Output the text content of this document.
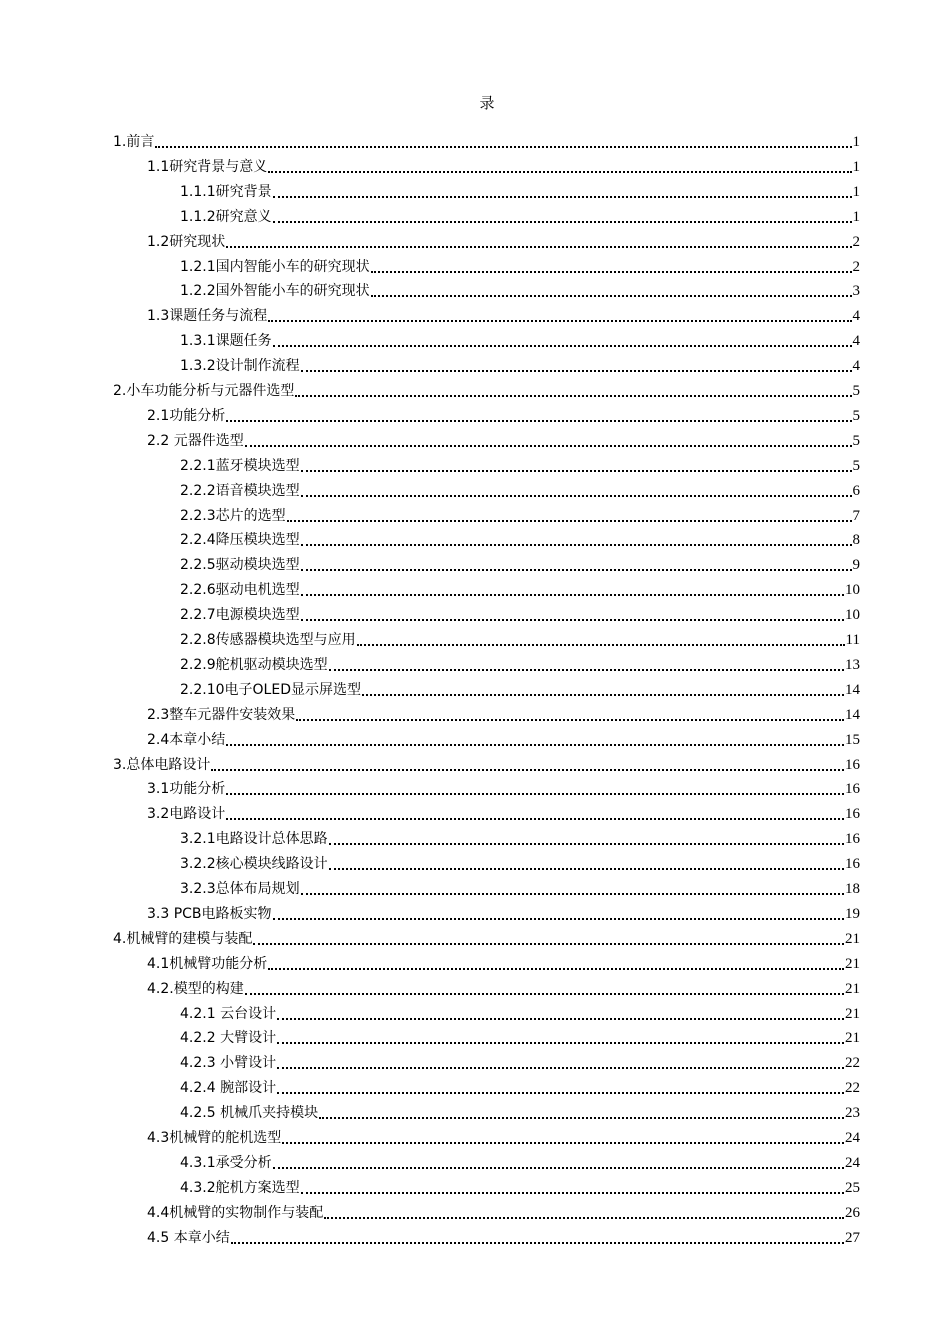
录
1.前言	1
1.1研究背景与意义	1
1.1.1研究背景	1
1.1.2研究意义	1
1.2研究现状	2
1.2.1国内智能小车的研究现状	2
1.2.2国外智能小车的研究现状	3
1.3课题任务与流程	4
1.3.1课题任务	4
1.3.2设计制作流程	4
2.小车功能分析与元器件选型	5
2.1功能分析	5
2.2 元器件选型	5
2.2.1蓝牙模块选型	5
2.2.2语音模块选型	6
2.2.3芯片的选型	7
2.2.4降压模块选型	8
2.2.5驱动模块选型	9
2.2.6驱动电机选型	10
2.2.7电源模块选型	10
2.2.8传感器模块选型与应用	11
2.2.9舵机驱动模块选型	13
2.2.10电子OLED显示屏选型	14
2.3整车元器件安装效果	14
2.4本章小结	15
3.总体电路设计	16
3.1功能分析	16
3.2电路设计	16
3.2.1电路设计总体思路	16
3.2.2核心模块线路设计	16
3.2.3总体布局规划	18
3.3 PCB电路板实物	19
4.机械臂的建模与装配	21
4.1机械臂功能分析	21
4.2.模型的构建	21
4.2.1 云台设计	21
4.2.2 大臂设计	21
4.2.3 小臂设计	22
4.2.4 腕部设计	22
4.2.5 机械爪夹持模块	23
4.3机械臂的舵机选型	24
4.3.1承受分析	24
4.3.2舵机方案选型	25
4.4机械臂的实物制作与装配	26
4.5 本章小结	27
